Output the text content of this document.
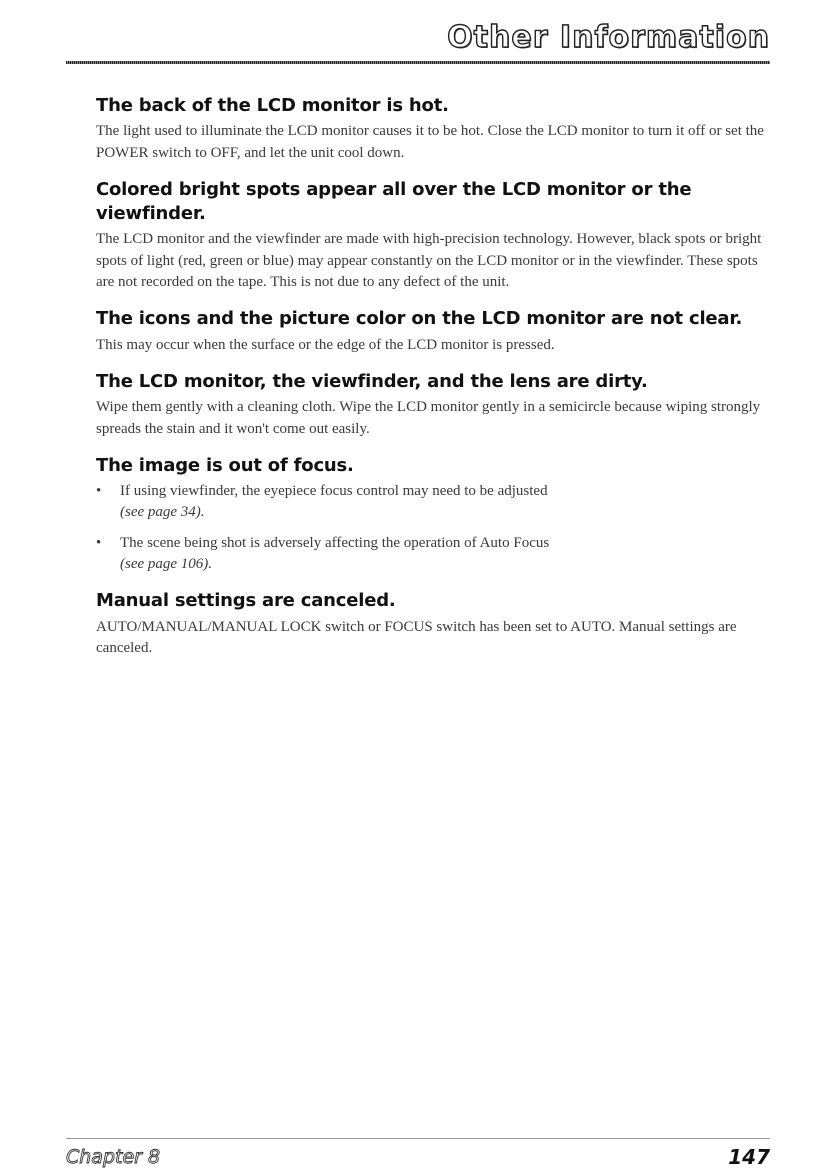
Other Information
The back of the LCD monitor is hot.

The light used to illuminate the LCD monitor causes it to be hot. Close the LCD monitor to turn it off or set the POWER switch to OFF, and let the unit cool down.

Colored bright spots appear all over the LCD monitor or the viewfinder.

The LCD monitor and the viewfinder are made with high-precision technology. However, black spots or bright spots of light (red, green or blue) may appear constantly on the LCD monitor or in the viewfinder. These spots are not recorded on the tape. This is not due to any defect of the unit.

The icons and the picture color on the LCD monitor are not clear.

This may occur when the surface or the edge of the LCD monitor is pressed.

The LCD monitor, the viewfinder, and the lens are dirty.

Wipe them gently with a cleaning cloth. Wipe the LCD monitor gently in a semicircle because wiping strongly spreads the stain and it won't come out easily.

The image is out of focus.
• If using viewfinder, the eyepiece focus control may need to be adjusted
(see page 34).
• The scene being shot is adversely affecting the operation of Auto Focus
(see page 106).
Manual settings are canceled.

AUTO/MANUAL/MANUAL LOCK switch or FOCUS switch has been set to AUTO. Manual settings are canceled.

Chapter 8	147
